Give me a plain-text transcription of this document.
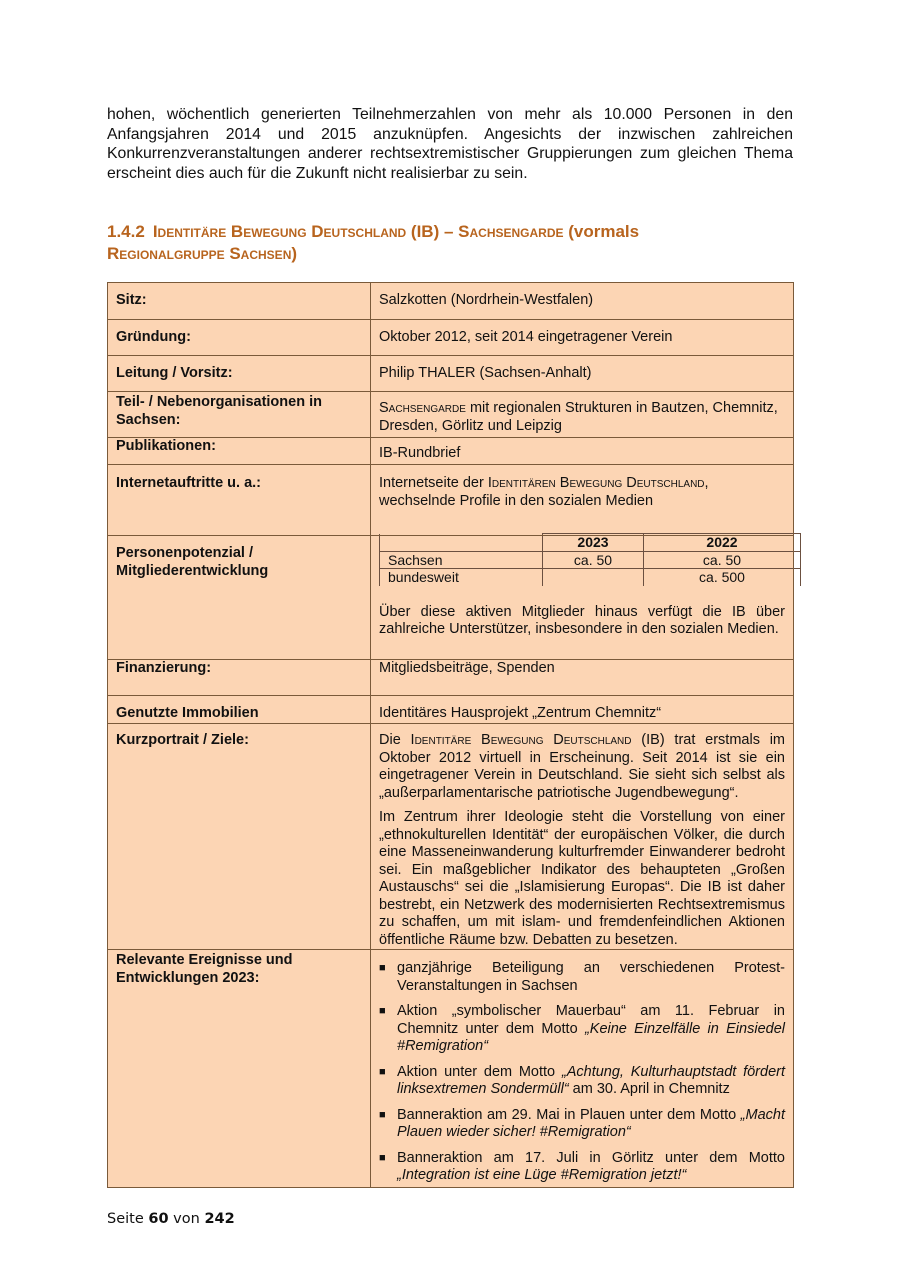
hohen, wöchentlich generierten Teilnehmerzahlen von mehr als 10.000 Personen in den Anfangsjahren 2014 und 2015 anzuknüpfen. Angesichts der inzwischen zahlreichen Konkurrenzveranstaltungen anderer rechtsextremistischer Gruppierungen zum gleichen Thema erscheint dies auch für die Zukunft nicht realisierbar zu sein.

1.4.2 Identitäre Bewegung Deutschland (IB) – Sachsengarde (vormals
Regionalgruppe Sachsen)
Sitz:	Salzkotten (Nordrhein-Westfalen)
Gründung:	Oktober 2012, seit 2014 eingetragener Verein
Leitung / Vorsitz:	Philip THALER (Sachsen-Anhalt)
Teil- / Nebenorganisationen in Sachsen:	Sachsengarde mit regionalen Strukturen in Bautzen, Chemnitz, Dresden, Görlitz und Leipzig
Publikationen:	IB-Rundbrief
Internetauftritte u. a.:	Internetseite der Identitären Bewegung Deutschland, wechselnde Profile in den sozialen Medien
Personenpotenzial / Mitgliederentwicklung	
	2023	2022
Sachsen	ca. 50	ca. 50
bundesweit		ca. 500

Über diese aktiven Mitglieder hinaus verfügt die IB über zahlreiche Unterstützer, insbesondere in den sozialen Medien.

Finanzierung:	Mitgliedsbeiträge, Spenden
Genutzte Immobilien	Identitäres Hausprojekt „Zentrum Chemnitz“
Kurzportrait / Ziele:	Die Identitäre Bewegung Deutschland (IB) trat erstmals im Oktober 2012 virtuell in Erscheinung. Seit 2014 ist sie ein eingetragener Verein in Deutschland. Sie sieht sich selbst als „außerparlamentarische patriotische Jugendbewegung“.

Im Zentrum ihrer Ideologie steht die Vorstellung von einer „ethnokulturellen Identität“ der europäischen Völker, die durch eine Masseneinwanderung kulturfremder Einwanderer bedroht sei. Ein maßgeblicher Indikator des behaupteten „Großen Austauschs“ sei die „Islamisierung Europas“. Die IB ist daher bestrebt, ein Netzwerk des modernisierten Rechtsextremismus zu schaffen, um mit islam- und fremdenfeindlichen Aktionen öffentliche Räume bzw. Debatten zu besetzen.

Relevante Ereignisse und Entwicklungen 2023:	
■ ganzjährige Beteiligung an verschiedenen Protest-Veranstaltungen in Sachsen
■ Aktion „symbolischer Mauerbau“ am 11. Februar in Chemnitz unter dem Motto „Keine Einzelfälle in Einsiedel #Remigration“
■ Aktion unter dem Motto „Achtung, Kulturhauptstadt fördert linksextremen Sondermüll“ am 30. April in Chemnitz
■ Banneraktion am 29. Mai in Plauen unter dem Motto „Macht Plauen wieder sicher! #Remigration“
■ Banneraktion am 17. Juli in Görlitz unter dem Motto „Integration ist eine Lüge #Remigration jetzt!“
Seite 60 von 242
